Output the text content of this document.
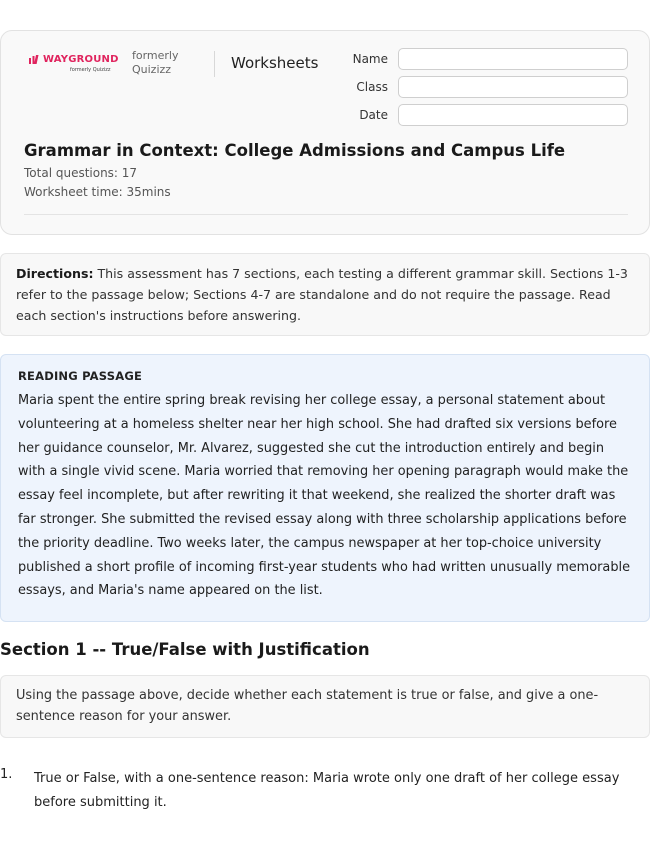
WAYGROUND
formerly Quizizz
formerly
Quizizz	Worksheets	Name
Class
Date
Grammar in Context: College Admissions and Campus Life
Total questions: 17
Worksheet time: 35mins
Directions: This assessment has 7 sections, each testing a different grammar skill. Sections 1-3 refer to the passage below; Sections 4-7 are standalone and do not require the passage. Read each section's instructions before answering.
READING PASSAGE
Maria spent the entire spring break revising her college essay, a personal statement about volunteering at a homeless shelter near her high school. She had drafted six versions before her guidance counselor, Mr. Alvarez, suggested she cut the introduction entirely and begin with a single vivid scene. Maria worried that removing her opening paragraph would make the essay feel incomplete, but after rewriting it that weekend, she realized the shorter draft was far stronger. She submitted the revised essay along with three scholarship applications before the priority deadline. Two weeks later, the campus newspaper at her top-choice university published a short profile of incoming first-year students who had written unusually memorable essays, and Maria's name appeared on the list.
Section 1 -- True/False with Justification
Using the passage above, decide whether each statement is true or false, and give a one-sentence reason for your answer.
1. True or False, with a one-sentence reason: Maria wrote only one draft of her college essay before submitting it.
